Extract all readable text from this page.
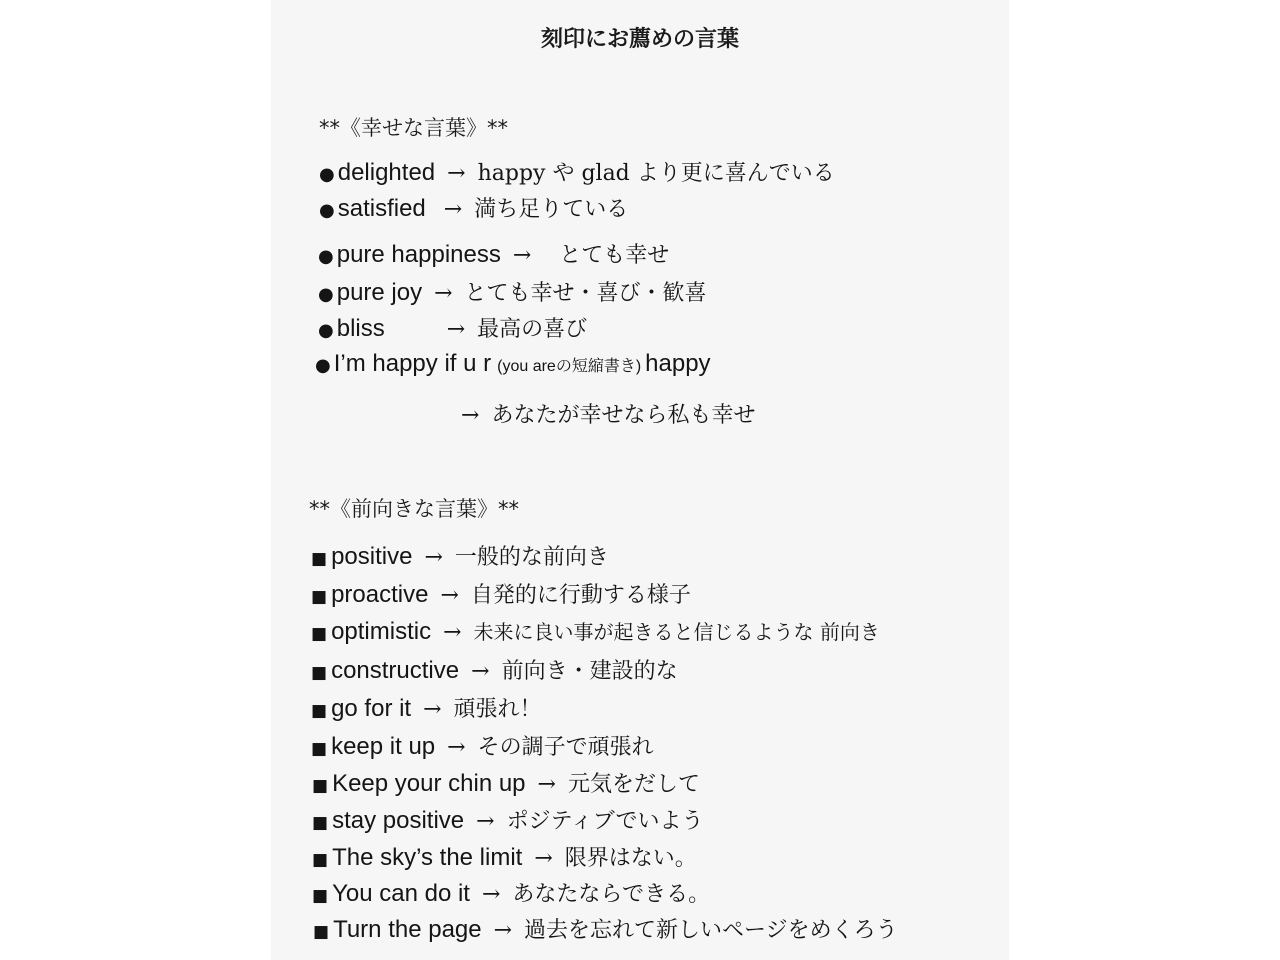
刻印にお薦めの言葉
**《幸せな言葉》**
● delighted → happy や glad より更に喜んでいる
● satisfied → 満ち足りている
● pure happiness → とても幸せ
● pure joy → とても幸せ・喜び・歓喜
● bliss	→ 最高の喜び
● I’m happy if u r (you areの短縮書き) happy
→ あなたが幸せなら私も幸せ
**《前向きな言葉》**
■ positive → 一般的な前向き
■ proactive → 自発的に行動する様子
■ optimistic → 未来に良い事が起きると信じるような 前向き
■ constructive → 前向き・建設的な
■ go for it → 頑張れ！
■ keep it up → その調子で頑張れ
■ Keep your chin up → 元気をだして
■ stay positive → ポジティブでいよう
■ The sky’s the limit → 限界はない。
■ You can do it → あなたならできる。
■ Turn the page → 過去を忘れて新しいページをめくろう
